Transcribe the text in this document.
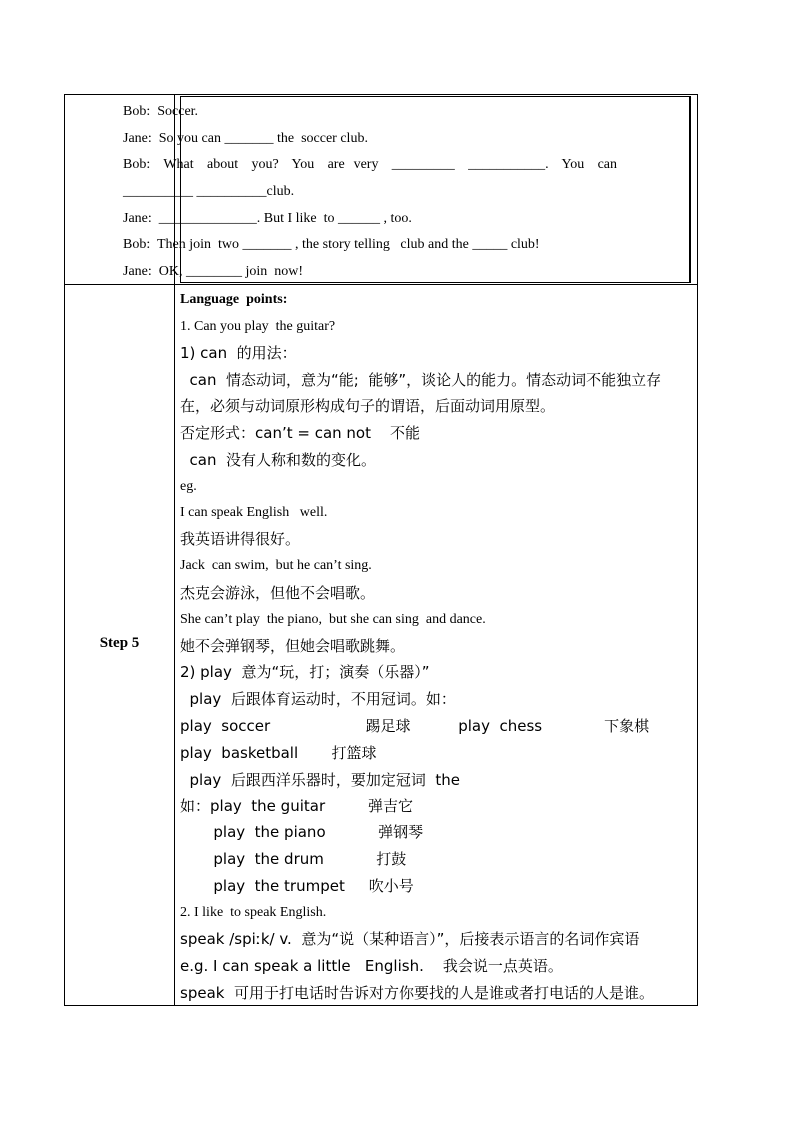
Step 5
Bob:  Soccer.
Jane:  So you can _______ the  soccer club.
Bob:   What   about   you?   You   are  very   _________   ___________.   You   can
__________ __________club.
Jane:  ______________. But I like  to ______ , too.
Bob:  Then join  two _______ , the story telling   club and the _____ club!
Jane:  OK, ________ join  now!
Language  points:
1. Can you play  the guitar?
1) can  的用法：
can  情态动词，意为“能;  能够”，谈论人的能力。情态动词不能独立存
在，必须与动词原形构成句子的谓语，后面动词用原型。
否定形式：can’t = can not    不能
can  没有人称和数的变化。
eg.
I can speak English   well.
我英语讲得很好。
Jack  can swim,  but he can’t sing.
杰克会游泳，但他不会唱歌。
She can’t play  the piano,  but she can sing  and dance.
她不会弹钢琴，但她会唱歌跳舞。
2) play  意为“玩，打；演奏（乐器）”
play  后跟体育运动时，不用冠词。如：
play  soccer                    踢足球          play  chess             下象棋
play  basketball       打篮球
play  后跟西洋乐器时，要加定冠词  the
如：play  the guitar         弹吉它
play  the piano           弹钢琴
play  the drum           打鼓
play  the trumpet     吹小号
2. I like  to speak English.
speak /spiːk/ v.  意为“说（某种语言）”，后接表示语言的名词作宾语
e.g. I can speak a little   English.    我会说一点英语。
speak  可用于打电话时告诉对方你要找的人是谁或者打电话的人是谁。
